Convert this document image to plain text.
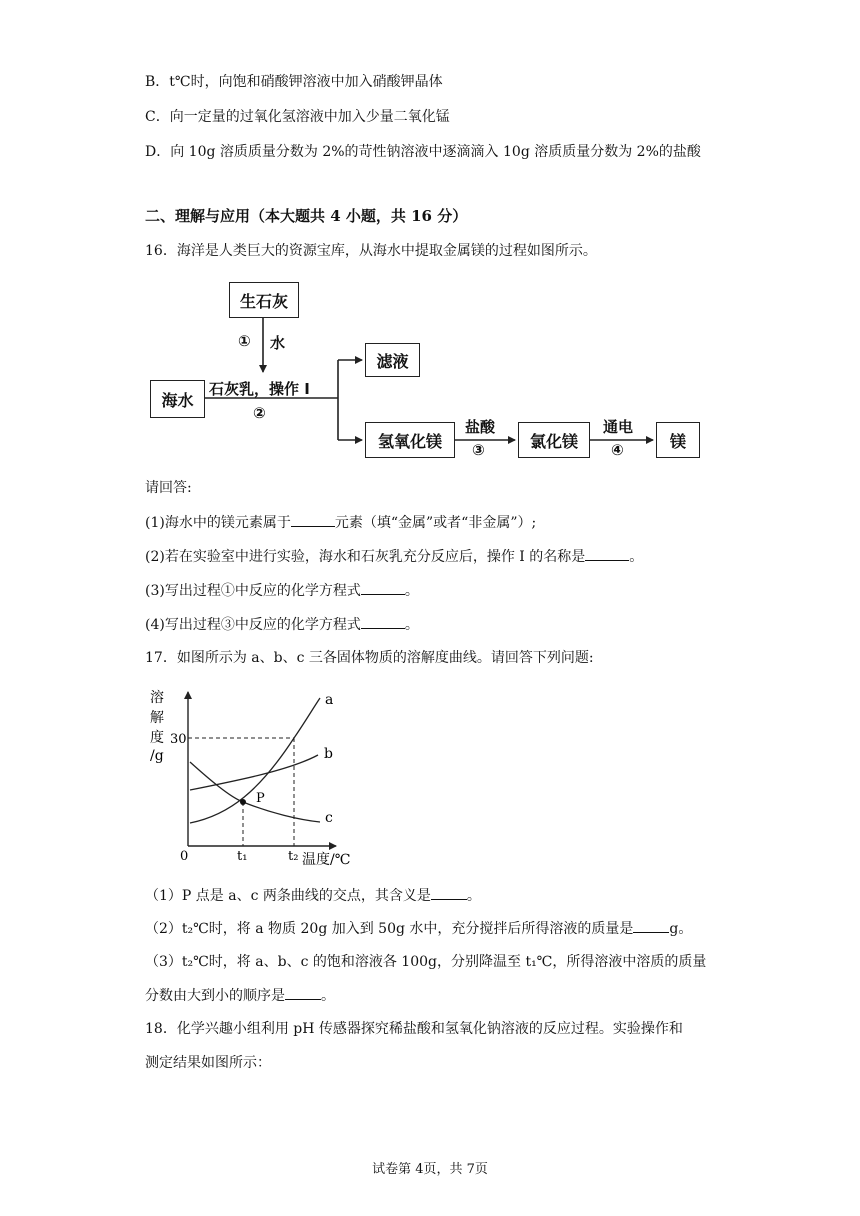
B．t℃时，向饱和硝酸钾溶液中加入硝酸钾晶体
C．向一定量的过氧化氢溶液中加入少量二氧化锰
D．向 10g 溶质质量分数为 2%的苛性钠溶液中逐滴滴入 10g 溶质质量分数为 2%的盐酸
二、理解与应用（本大题共 4 小题，共 16 分）
16．海洋是人类巨大的资源宝库，从海水中提取金属镁的过程如图所示。
生石灰
① 水
海水
石灰乳，操作 I
②
滤液
氢氧化镁
盐酸
③	氯化镁
通电
④	镁
请回答:
(1)海水中的镁元素属于	元素（填“金属”或者“非金属”）;
(2)若在实验室中进行实验，海水和石灰乳充分反应后，操作 I 的名称是	。
(3)写出过程①中反应的化学方程式	。
(4)写出过程③中反应的化学方程式	。
17．如图所示为 a、b、c 三各固体物质的溶解度曲线。请回答下列问题:
溶
解
度
/g
30
0	t₁	t₂ 温度/℃
a
b
c
P
（1）P 点是 a、c 两条曲线的交点，其含义是	。
（2）t₂℃时，将 a 物质 20g 加入到 50g 水中，充分搅拌后所得溶液的质量是	g。
（3）t₂℃时，将 a、b、c 的饱和溶液各 100g，分别降温至 t₁℃，所得溶液中溶质的质量
分数由大到小的顺序是	。
18．化学兴趣小组利用 pH 传感器探究稀盐酸和氢氧化钠溶液的反应过程。实验操作和
测定结果如图所示：
试卷第 4页，共 7页
